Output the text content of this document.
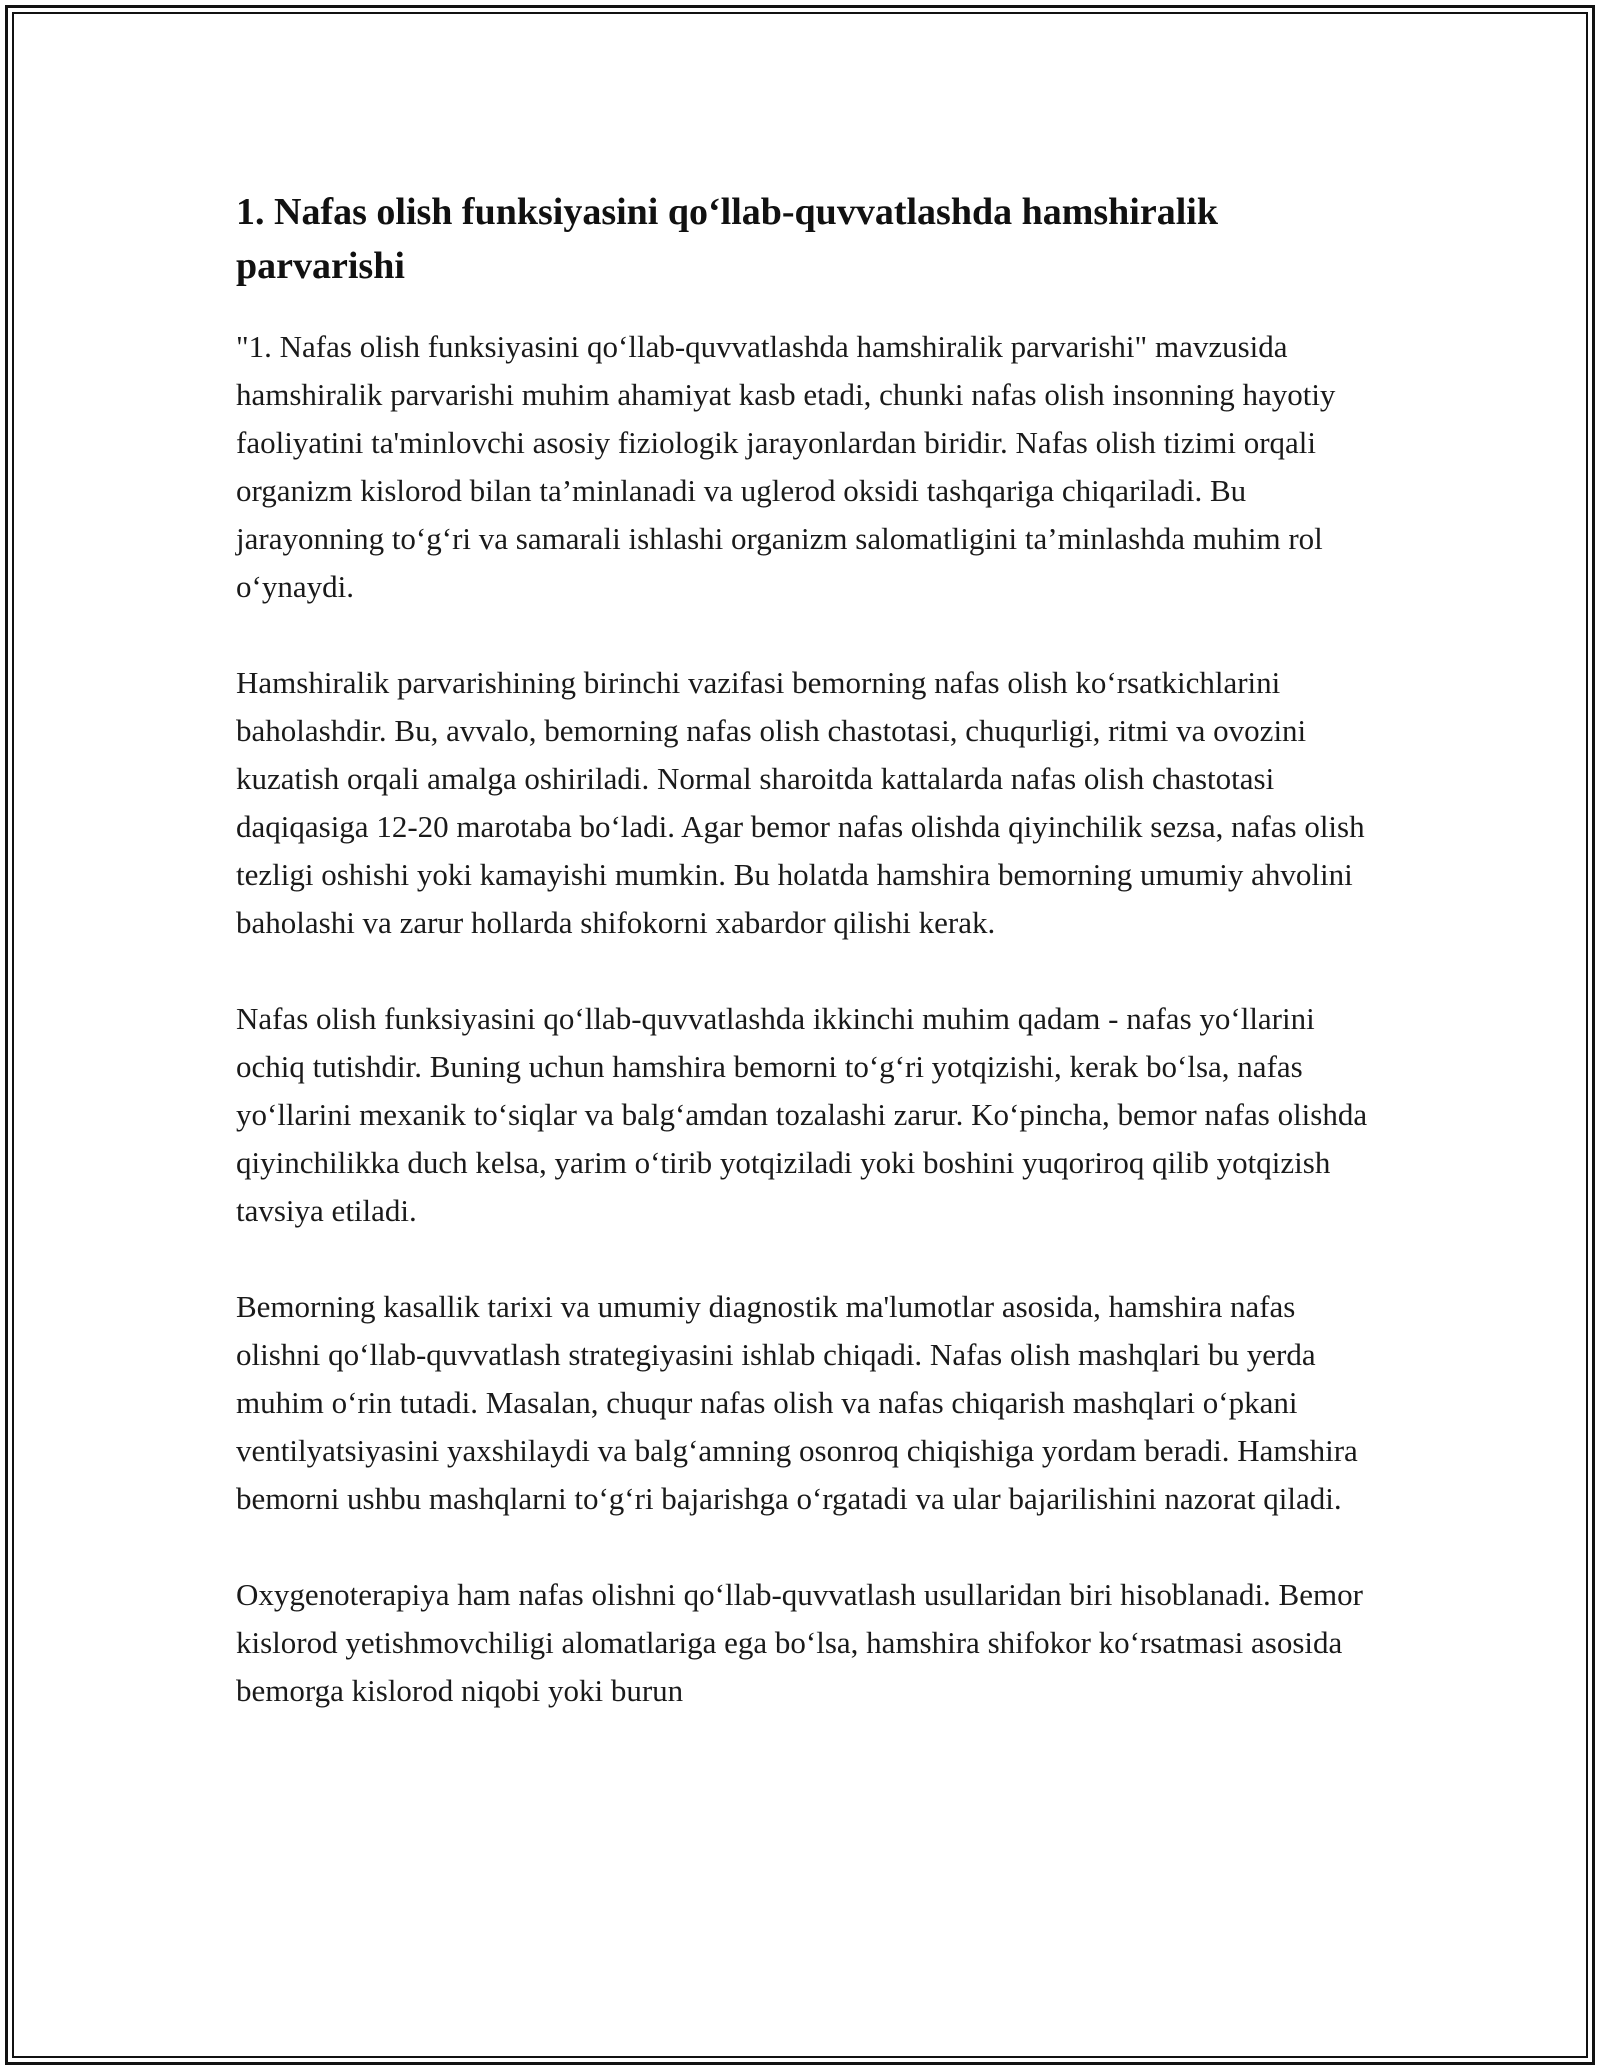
1. Nafas olish funksiyasini qo‘llab-quvvatlashda hamshiralik parvarishi

"1. Nafas olish funksiyasini qo‘llab-quvvatlashda hamshiralik parvarishi" mavzusida hamshiralik parvarishi muhim ahamiyat kasb etadi, chunki nafas olish insonning hayotiy faoliyatini ta'minlovchi asosiy fiziologik jarayonlardan biridir. Nafas olish tizimi orqali organizm kislorod bilan ta’minlanadi va uglerod oksidi tashqariga chiqariladi. Bu jarayonning to‘g‘ri va samarali ishlashi organizm salomatligini ta’minlashda muhim rol o‘ynaydi.

Hamshiralik parvarishining birinchi vazifasi bemorning nafas olish ko‘rsatkichlarini baholashdir. Bu, avvalo, bemorning nafas olish chastotasi, chuqurligi, ritmi va ovozini kuzatish orqali amalga oshiriladi. Normal sharoitda kattalarda nafas olish chastotasi daqiqasiga 12-20 marotaba bo‘ladi. Agar bemor nafas olishda qiyinchilik sezsa, nafas olish tezligi oshishi yoki kamayishi mumkin. Bu holatda hamshira bemorning umumiy ahvolini baholashi va zarur hollarda shifokorni xabardor qilishi kerak.

Nafas olish funksiyasini qo‘llab-quvvatlashda ikkinchi muhim qadam - nafas yo‘llarini ochiq tutishdir. Buning uchun hamshira bemorni to‘g‘ri yotqizishi, kerak bo‘lsa, nafas yo‘llarini mexanik to‘siqlar va balg‘amdan tozalashi zarur. Ko‘pincha, bemor nafas olishda qiyinchilikka duch kelsa, yarim o‘tirib yotqiziladi yoki boshini yuqoriroq qilib yotqizish tavsiya etiladi.

Bemorning kasallik tarixi va umumiy diagnostik ma'lumotlar asosida, hamshira nafas olishni qo‘llab-quvvatlash strategiyasini ishlab chiqadi. Nafas olish mashqlari bu yerda muhim o‘rin tutadi. Masalan, chuqur nafas olish va nafas chiqarish mashqlari o‘pkani ventilyatsiyasini yaxshilaydi va balg‘amning osonroq chiqishiga yordam beradi. Hamshira bemorni ushbu mashqlarni to‘g‘ri bajarishga o‘rgatadi va ular bajarilishini nazorat qiladi.

Oxygenoterapiya ham nafas olishni qo‘llab-quvvatlash usullaridan biri hisoblanadi. Bemor kislorod yetishmovchiligi alomatlariga ega bo‘lsa, hamshira shifokor ko‘rsatmasi asosida bemorga kislorod niqobi yoki burun
